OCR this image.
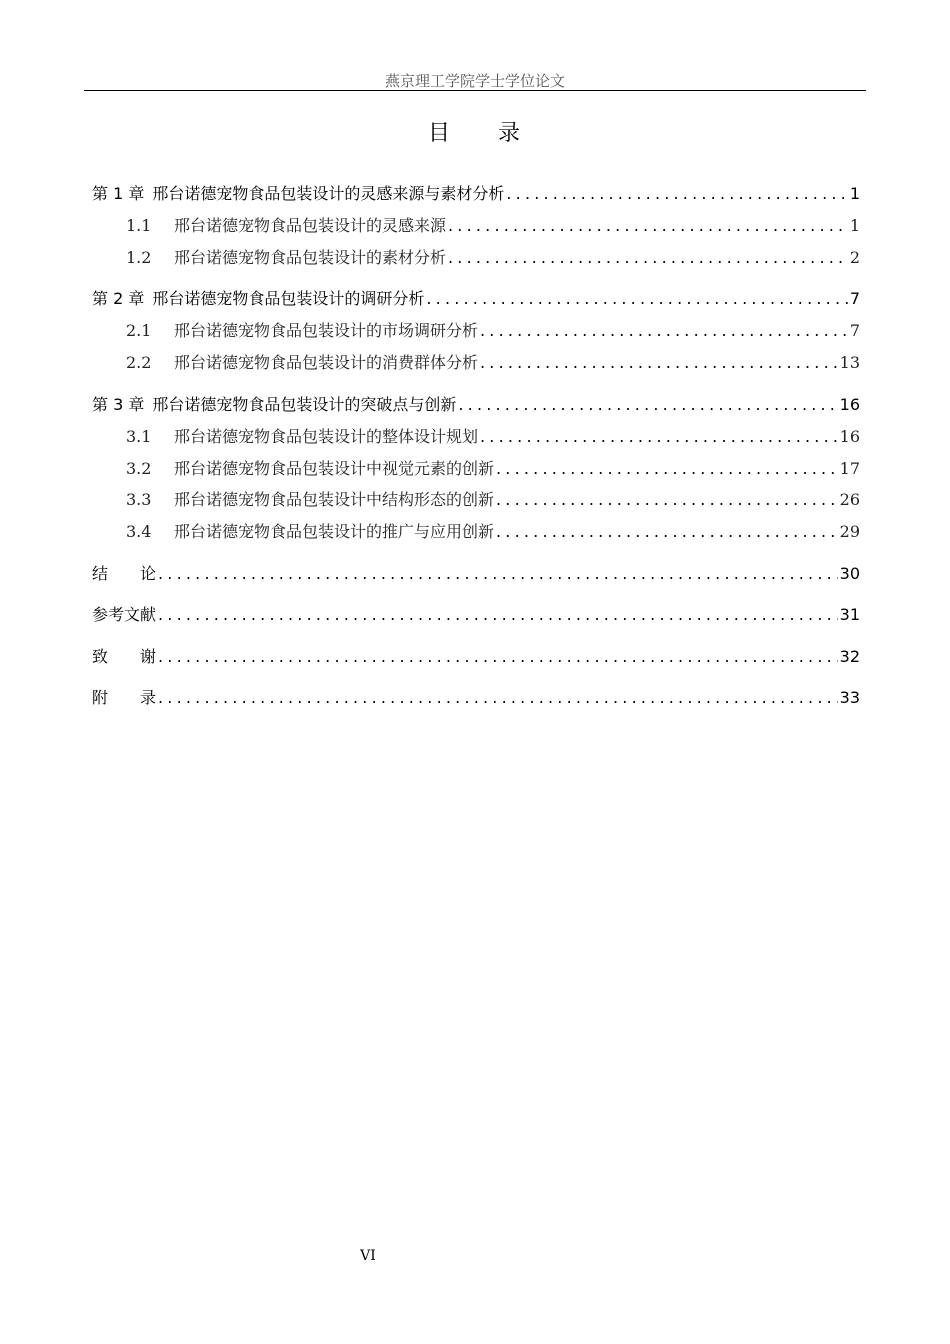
燕京理工学院学士学位论文
目 录
第 1 章 邢台诺德宠物食品包装设计的灵感来源与素材分析 .....	1
1.1	邢台诺德宠物食品包装设计的灵感来源 .....	1
1.2	邢台诺德宠物食品包装设计的素材分析 .....	2
第 2 章 邢台诺德宠物食品包装设计的调研分析 .....	7
2.1	邢台诺德宠物食品包装设计的市场调研分析 .....	7
2.2	邢台诺德宠物食品包装设计的消费群体分析 .....	13
第 3 章 邢台诺德宠物食品包装设计的突破点与创新 .....	16
3.1	邢台诺德宠物食品包装设计的整体设计规划 .....	16
3.2	邢台诺德宠物食品包装设计中视觉元素的创新 .....	17
3.3	邢台诺德宠物食品包装设计中结构形态的创新 .....	26
3.4	邢台诺德宠物食品包装设计的推广与应用创新 .....	29
结　　论 .....	30
参考文献 .....	31
致　　谢 .....	32
附　　录 .....	33
VI
